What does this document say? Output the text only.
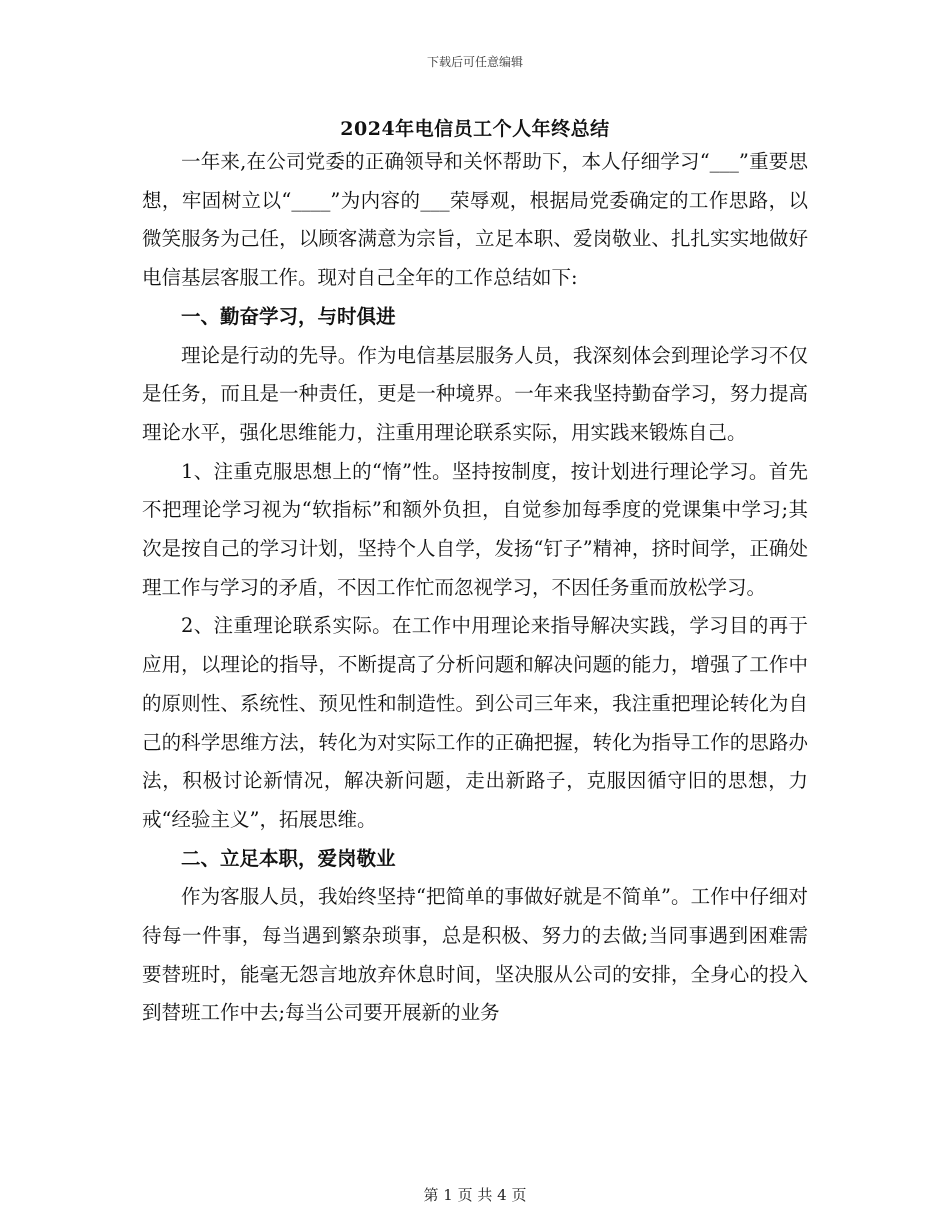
下载后可任意编辑
2024年电信员工个人年终总结

一年来,在公司党委的正确领导和关怀帮助下，本人仔细学习“___”重要思想，牢固树立以“____”为内容的___荣辱观，根据局党委确定的工作思路，以微笑服务为己任，以顾客满意为宗旨，立足本职、爱岗敬业、扎扎实实地做好电信基层客服工作。现对自己全年的工作总结如下:

一、勤奋学习，与时俱进

理论是行动的先导。作为电信基层服务人员，我深刻体会到理论学习不仅是任务，而且是一种责任，更是一种境界。一年来我坚持勤奋学习，努力提高理论水平，强化思维能力，注重用理论联系实际，用实践来锻炼自己。

1、注重克服思想上的“惰”性。坚持按制度，按计划进行理论学习。首先不把理论学习视为“软指标”和额外负担，自觉参加每季度的党课集中学习;其次是按自己的学习计划，坚持个人自学，发扬“钉子”精神，挤时间学，正确处理工作与学习的矛盾，不因工作忙而忽视学习，不因任务重而放松学习。

2、注重理论联系实际。在工作中用理论来指导解决实践，学习目的再于应用，以理论的指导，不断提高了分析问题和解决问题的能力，增强了工作中的原则性、系统性、预见性和制造性。到公司三年来，我注重把理论转化为自己的科学思维方法，转化为对实际工作的正确把握，转化为指导工作的思路办法，积极讨论新情况，解决新问题，走出新路子，克服因循守旧的思想，力戒“经验主义”，拓展思维。

二、立足本职，爱岗敬业

作为客服人员，我始终坚持“把简单的事做好就是不简单”。工作中仔细对待每一件事，每当遇到繁杂琐事，总是积极、努力的去做;当同事遇到困难需要替班时，能毫无怨言地放弃休息时间，坚决服从公司的安排，全身心的投入到替班工作中去;每当公司要开展新的业务

第 1 页 共 4 页
